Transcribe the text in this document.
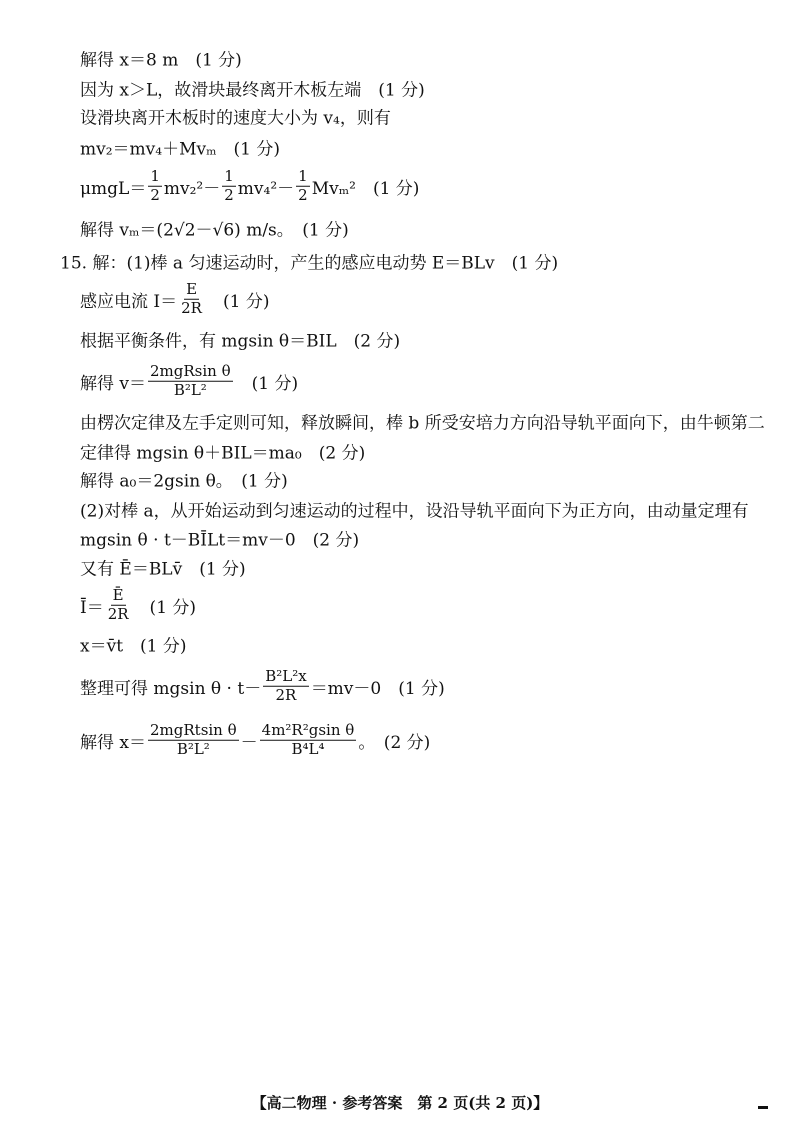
解得 x＝8 m　(1 分)
因为 x＞L，故滑块最终离开木板左端　(1 分)
设滑块离开木板时的速度大小为 v₄，则有
mv₂＝mv₄＋Mvₘ　(1 分)
$\mu mgL= \frac{1}{2} mv_2^2- \frac{1}{2} mv_4^2- \frac{1}{2} Mv_m^2$　(1 分)
解得 vₘ＝(2√2－√6) m/s。　(1 分)
15. 解：(1)棒 a 匀速运动时，产生的感应电动势 E＝BLv　(1 分)
感应电流 $I= \frac{E}{2R}$ 　(1 分)
根据平衡条件，有 mgsin θ＝BIL　(2 分)
解得 $v= \frac{\text{2mgRsin θ}}{\text{B²L²}}$ 　(1 分)
由楞次定律及左手定则可知，释放瞬间，棒 b 所受安培力方向沿导轨平面向下，由牛顿第二
定律得 mgsin θ＋BIL＝ma₀　(2 分)
解得 a₀＝2gsin θ。　(1 分)
(2)对棒 a，从开始运动到匀速运动的过程中，设沿导轨平面向下为正方向，由动量定理有
mgsin θ · t－BĪLt＝mv－0　(2 分)
又有 Ē＝BLv̄　(1 分)
Ī＝ $\frac{Ē}{2R}$ 　(1 分)
x＝v̄t　(1 分)
整理可得 mgsin $\theta \cdot t- \frac{\text{B²L²x}}{2R} =mv-0$　(1 分)
解得 $x= \frac{\text{2mgRtsin θ}}{\text{B²L²}} - \frac{\text{4m²R²gsin θ}}{\text{B⁴L⁴}}$ 。　(2 分)
【高二物理 · 参考答案　第 2 页(共 2 页)】
